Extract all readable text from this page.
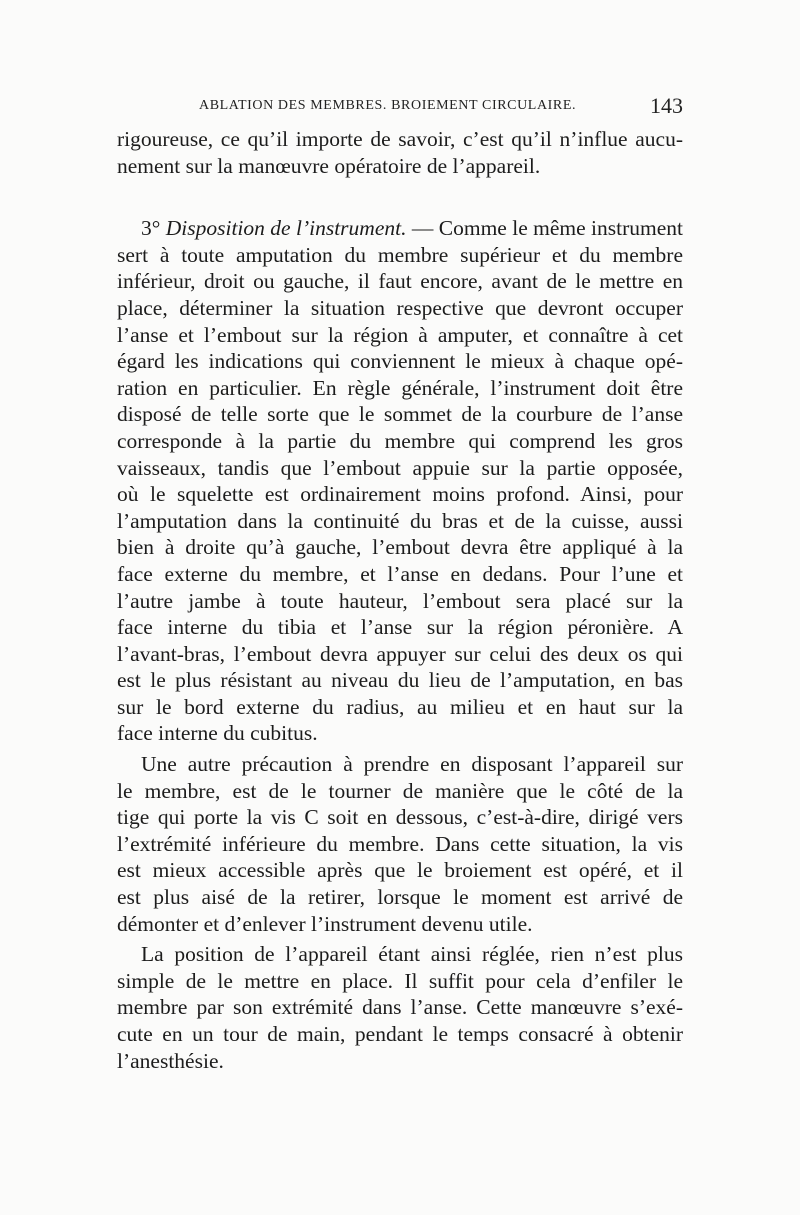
ABLATION DES MEMBRES. BROIEMENT CIRCULAIRE.	143

rigoureuse, ce qu’il importe de savoir, c’est qu’il n’influe aucu-
nement sur la manœuvre opératoire de l’appareil.

3° Disposition de l’instrument. — Comme le même instrument
sert à toute amputation du membre supérieur et du membre
inférieur, droit ou gauche, il faut encore, avant de le mettre en
place, déterminer la situation respective que devront occuper
l’anse et l’embout sur la région à amputer, et connaître à cet
égard les indications qui conviennent le mieux à chaque opé-
ration en particulier. En règle générale, l’instrument doit être
disposé de telle sorte que le sommet de la courbure de l’anse
corresponde à la partie du membre qui comprend les gros
vaisseaux, tandis que l’embout appuie sur la partie opposée,
où le squelette est ordinairement moins profond. Ainsi, pour
l’amputation dans la continuité du bras et de la cuisse, aussi
bien à droite qu’à gauche, l’embout devra être appliqué à la
face externe du membre, et l’anse en dedans. Pour l’une et
l’autre jambe à toute hauteur, l’embout sera placé sur la
face interne du tibia et l’anse sur la région péronière. A
l’avant-bras, l’embout devra appuyer sur celui des deux os qui
est le plus résistant au niveau du lieu de l’amputation, en bas
sur le bord externe du radius, au milieu et en haut sur la
face interne du cubitus.

Une autre précaution à prendre en disposant l’appareil sur
le membre, est de le tourner de manière que le côté de la
tige qui porte la vis C soit en dessous, c’est-à-dire, dirigé vers
l’extrémité inférieure du membre. Dans cette situation, la vis
est mieux accessible après que le broiement est opéré, et il
est plus aisé de la retirer, lorsque le moment est arrivé de
démonter et d’enlever l’instrument devenu utile.

La position de l’appareil étant ainsi réglée, rien n’est plus
simple de le mettre en place. Il suffit pour cela d’enfiler le
membre par son extrémité dans l’anse. Cette manœuvre s’exé-
cute en un tour de main, pendant le temps consacré à obtenir
l’anesthésie.
